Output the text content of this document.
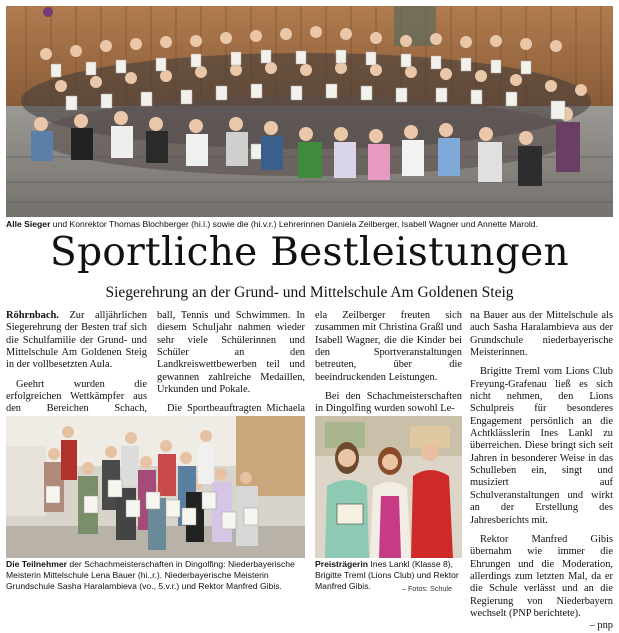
Alle Sieger und Konrektor Thomas Blochberger (hi.l.) sowie die (hi.v.r.) Lehrerinnen Daniela Zeilberger, Isabell Wagner und Annette Marold.
Sportliche Bestleistungen
Siegerehrung an der Grund- und Mittelschule Am Goldenen Steig

Röhrnbach. Zur alljährlichen Siegerehrung der Besten traf sich die Schulfamilie der Grund- und Mittelschule Am Goldenen Steig in der vollbesetzten Aula.

Geehrt wurden die erfolgreichen Wettkämpfer aus den Bereichen Schach,

ball, Tennis und Schwimmen. In diesem Schuljahr nahmen wieder sehr viele Schülerinnen und Schüler an den Landkreiswettbewerben teil und gewannen zahlreiche Medaillen, Urkunden und Pokale.

Die Sportbeauftragten Michaela

ela Zeilberger freuten sich zusammen mit Christina Graßl und Isabell Wagner, die die Kinder bei den Sportveranstaltungen betreuten, über die beeindruckenden Leistungen.

Bei den Schachmeisterschaften in Dingolfing wurden sowohl Le-

na Bauer aus der Mittelschule als auch Sasha Haralambieva aus der Grundschule niederbayerische Meisterinnen.

Brigitte Treml vom Lions Club Freyung-Grafenau ließ es sich nicht nehmen, den Lions Schulpreis für besonderes Engagement persönlich an die Achtklässlerin Ines Lankl zu überreichen. Diese bringt sich seit Jahren in besonderer Weise in das Schulleben ein, singt und musiziert auf Schulveranstaltungen und wirkt an der Erstellung des Jahresberichts mit.

Rektor Manfred Gibis übernahm wie immer die Ehrungen und die Moderation, allerdings zum letzten Mal, da er die Schule verlässt und an die Regierung von Niederbayern wechselt (PNP berichtete).

– pnp
Die Teilnehmer der Schachmeisterschaften in Dingolfing: Niederbayerische Meisterin Mittelschule Lena Bauer (hi.,r.). Niederbayerische Meisterin Grundschule Sasha Haralambieva (vo., 5.v.r.) und Rektor Manfred Gibis.
Preisträgerin Ines Lankl (Klasse 8), Brigitte Treml (Lions Club) und Rektor Manfred Gibis.	– Fotos: Schule
